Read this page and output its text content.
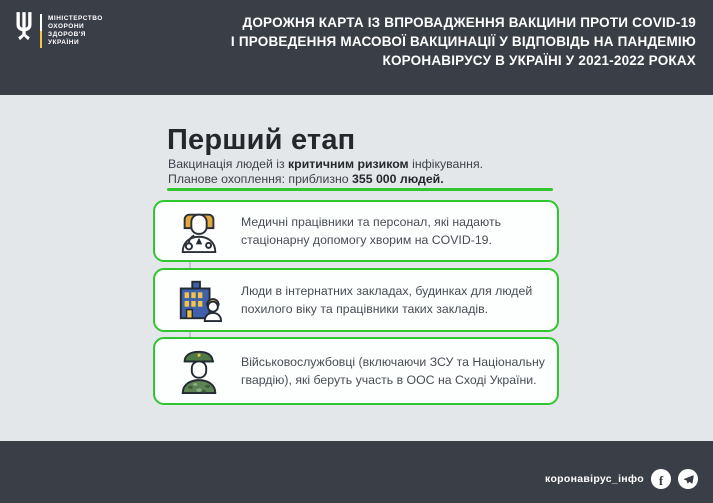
МІНІСТЕРСТВО
ОХОРОНИ
ЗДОРОВ'Я
УКРАЇНИ
ДОРОЖНЯ КАРТА ІЗ ВПРОВАДЖЕННЯ ВАКЦИНИ ПРОТИ COVID-19
І ПРОВЕДЕННЯ МАСОВОЇ ВАКЦИНАЦІЇ У ВІДПОВІДЬ НА ПАНДЕМІЮ
КОРОНАВІРУСУ В УКРАЇНІ У 2021-2022 РОКАХ
Перший етап
Вакцинація людей із критичним ризиком інфікування.
Планове охоплення: приблизно 355 000 людей.
Медичні працівники та персонал, які надають стаціонарну допомогу хворим на COVID-19.
Люди в інтернатних закладах, будинках для людей похилого віку та працівники таких закладів.
Військовослужбовці (включаючи ЗСУ та Національну гвардію), які беруть участь в ООС на Сході України.
коронавірус_інфо f
